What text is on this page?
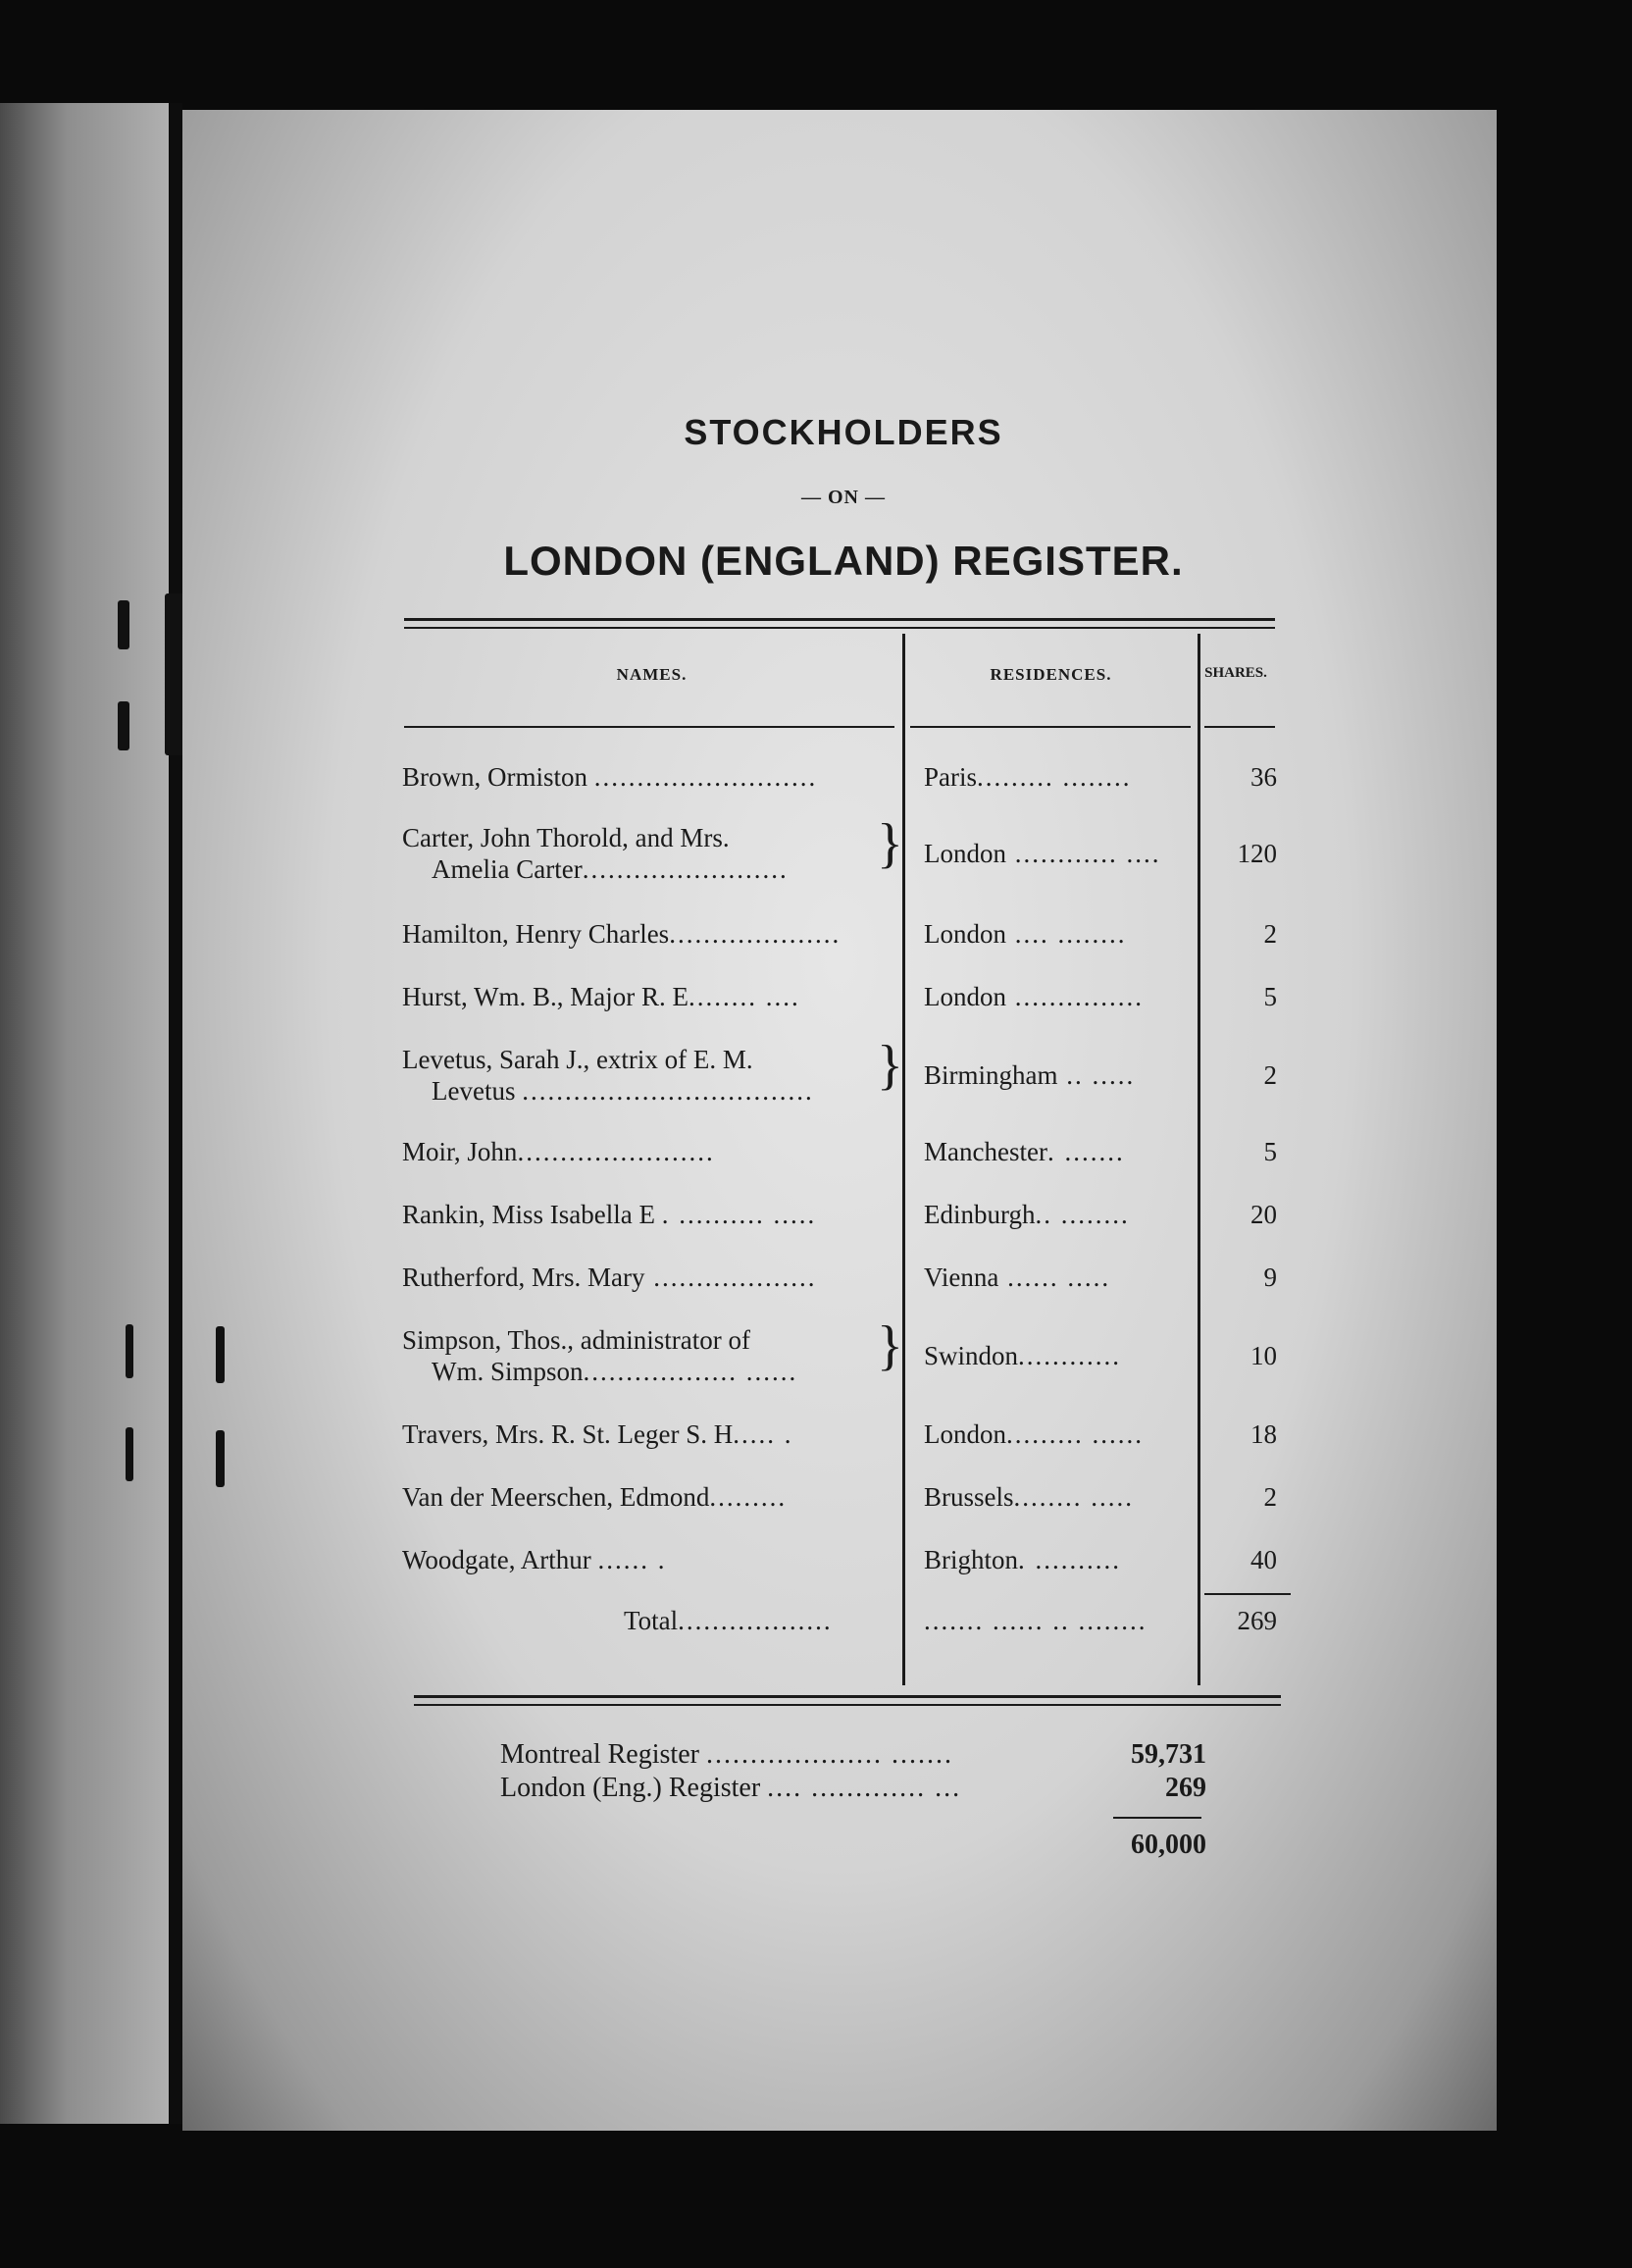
STOCKHOLDERS
— ON —
LONDON (ENGLAND) REGISTER.
NAMES.	RESIDENCES.	SHARES.
Brown, Ormiston ..........................	Paris......... ........	36
Carter, John Thorold, and Mrs.
Amelia Carter........................	} London ............ ....	120
Hamilton, Henry Charles....................	London .... ........	2
Hurst, Wm. B., Major R. E........ ....	London ...............	5
Levetus, Sarah J., extrix of E. M.
Levetus ..................................	} Birmingham .. .....	2
Moir, John.......................	Manchester. .......	5
Rankin, Miss Isabella E . .......... .....	Edinburgh.. ........	20
Rutherford, Mrs. Mary ...................	Vienna ...... .....	9
Simpson, Thos., administrator of
Wm. Simpson.................. ......	} Swindon............	10
Travers, Mrs. R. St. Leger S. H..... .	London......... ......	18
Van der Meerschen, Edmond.........	Brussels........ .....	2
Woodgate, Arthur ...... .	Brighton. ..........	40
Total..................	....... ...... .. ........	269
Montreal Register .................... .......	59,731
London (Eng.) Register .... ............. ...	269
60,000
